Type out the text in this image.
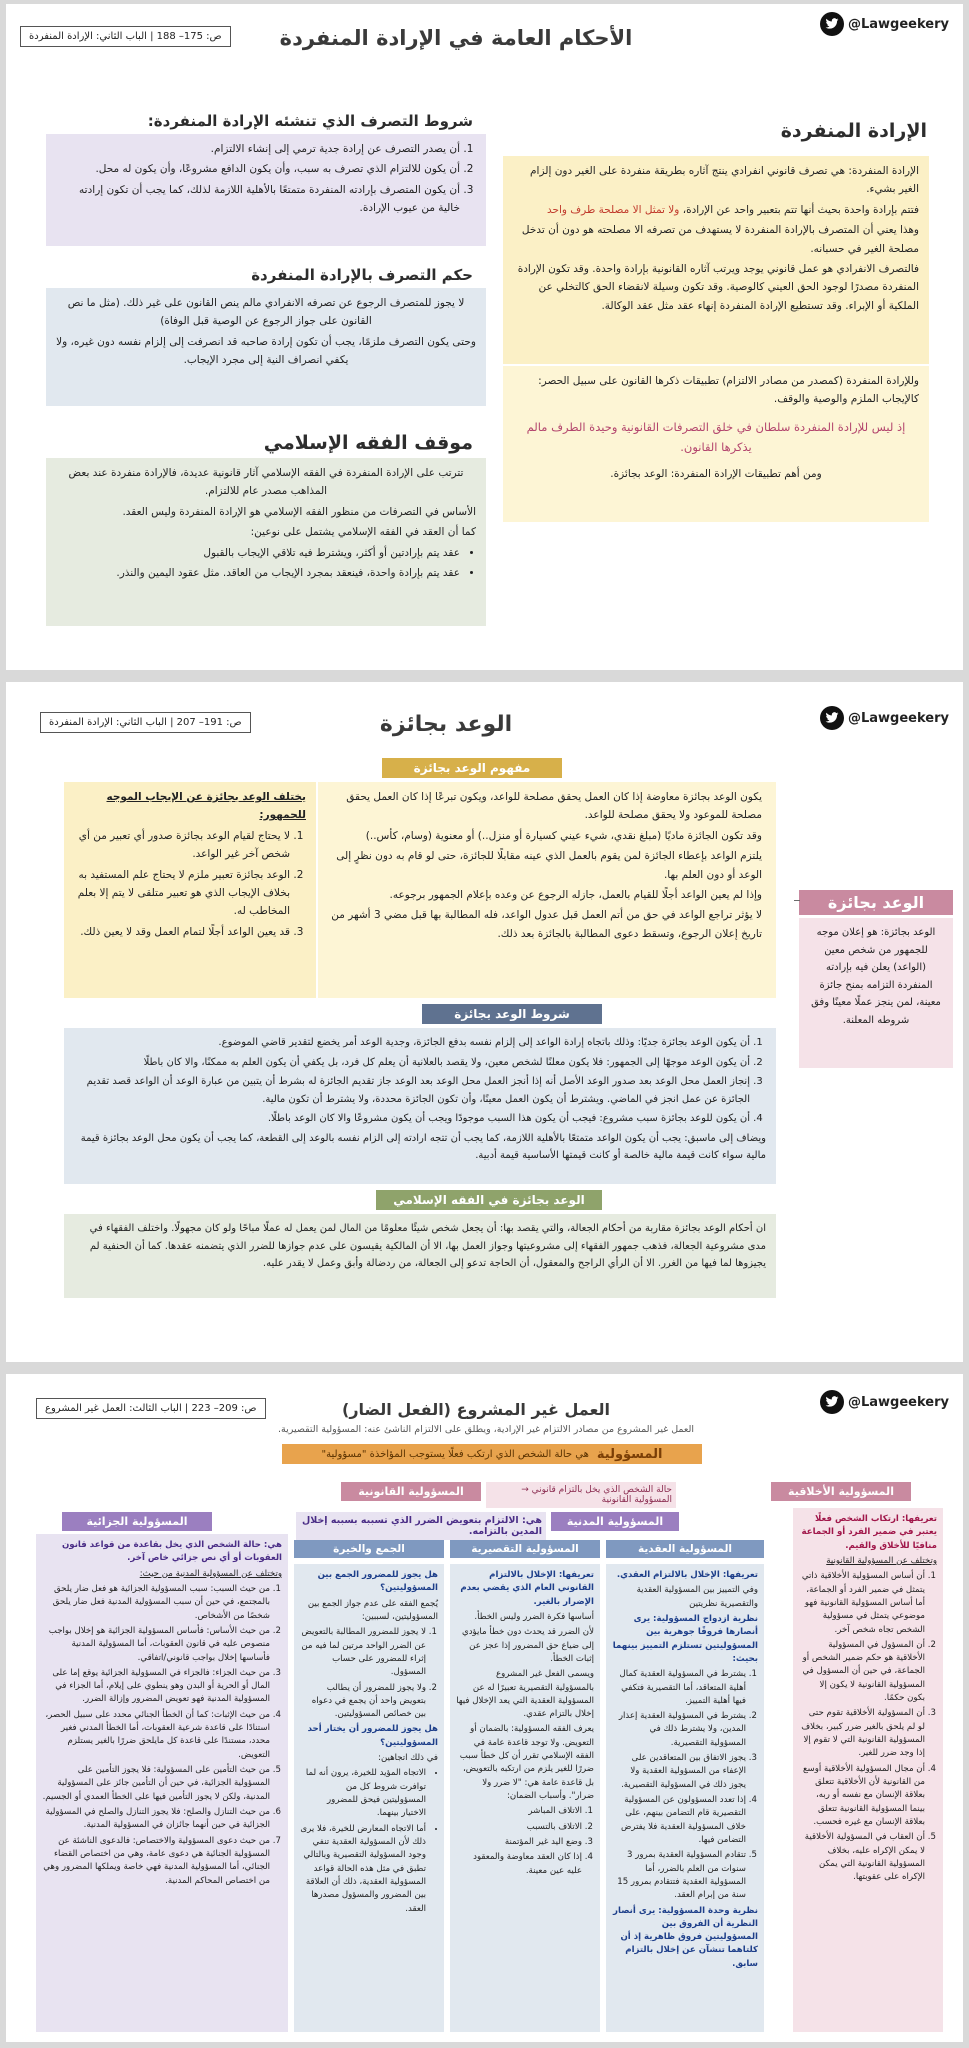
@Lawgeekery
ص: 175– 188 | الباب الثاني: الإرادة المنفردة	الأحكام العامة في الإرادة المنفردة
الإرادة المنفردة

الإرادة المنفردة: هي تصرف قانوني انفرادي ينتج آثاره بطريقة منفردة على الغير دون إلزام الغير بشيء.

فتتم بإرادة واحدة بحيث أنها تتم بتعبير واحد عن الإرادة، ولا تمثل الا مصلحة طرف واحد

وهذا يعني أن المتصرف بالإرادة المنفردة لا يستهدف من تصرفه الا مصلحته هو دون أن تدخل مصلحة الغير في حسبانه.

فالتصرف الانفرادي هو عمل قانوني يوجد ويرتب آثاره القانونية بإرادة واحدة. وقد تكون الإرادة المنفردة مصدرًا لوجود الحق العيني كالوصية. وقد تكون وسيلة لانقضاء الحق كالتخلي عن الملكية أو الإبراء. وقد تستطيع الإرادة المنفردة إنهاء عقد مثل عقد الوكالة.

وللإرادة المنفردة (كمصدر من مصادر الالتزام) تطبيقات ذكرها القانون على سبيل الحصر: كالإيجاب الملزم والوصية والوقف.

إذ ليس للإرادة المنفردة سلطان في خلق التصرفات القانونية وحيدة الطرف مالم يذكرها القانون.

ومن أهم تطبيقات الإرادة المنفردة: الوعد بجائزة.

شروط التصرف الذي تنشئه الإرادة المنفردة:
1. أن يصدر التصرف عن إرادة جدية ترمي إلى إنشاء الالتزام.
2. أن يكون للالتزام الذي تصرف به سبب، وأن يكون الدافع مشروعًا، وأن يكون له محل.
3. أن يكون المتصرف بإرادته المنفردة متمتعًا بالأهلية اللازمة لذلك، كما يجب أن تكون إرادته خالية من عيوب الإرادة.
حكم التصرف بالإرادة المنفردة

لا يجوز للمتصرف الرجوع عن تصرفه الانفرادي مالم ينص القانون على غير ذلك. (مثل ما نص القانون على جواز الرجوع عن الوصية قبل الوفاة)

وحتى يكون التصرف ملزمًا، يجب أن تكون إرادة صاحبه قد انصرفت إلى إلزام نفسه دون غيره، ولا يكفي انصراف النية إلى مجرد الإيجاب.

موقف الفقه الإسلامي

تترتب على الإرادة المنفردة في الفقه الإسلامي آثار قانونية عديدة، فالإرادة منفردة عند بعض المذاهب مصدر عام للالتزام.

الأساس في التصرفات من منظور الفقه الإسلامي هو الإرادة المنفردة وليس العقد.

كما أن العقد في الفقه الإسلامي يشتمل على نوعين:

• عقد يتم بإرادتين أو أكثر، ويشترط فيه تلاقي الإيجاب بالقبول
• عقد يتم بإرادة واحدة، فينعقد بمجرد الإيجاب من العاقد. مثل عقود اليمين والنذر.
@Lawgeekery
ص: 191– 207 | الباب الثاني: الإرادة المنفردة	الوعد بجائزة
مفهوم الوعد بجائزة
يكون الوعد بجائزة معاوضة إذا كان العمل يحقق مصلحة للواعد، ويكون تبرعًا إذا كان العمل يحقق مصلحة للموعود ولا يحقق مصلحة للواعد.
وقد تكون الجائزة ماديًا (مبلغ نقدي، شيء عيني كسيارة أو منزل..) أو معنوية (وسام، كأس..)
يلتزم الواعد بإعطاء الجائزة لمن يقوم بالعمل الذي عينه مقابلًا للجائزة، حتى لو قام به دون نظرٍ إلى الوعد أو دون العلم بها.
وإذا لم يعين الواعد أجلًا للقيام بالعمل، جازله الرجوع عن وعده بإعلام الجمهور برجوعه.
لا يؤثر تراجع الواعد في حق من أتم العمل قبل عدول الواعد، فله المطالبة بها قبل مضي 3 أشهر من تاريخ إعلان الرجوع، وتسقط دعوى المطالبة بالجائزة بعد ذلك.

يختلف الوعد بجائزة عن الإيجاب الموجه للجمهور:

1. لا يحتاج لقيام الوعد بجائزة صدور أي تعبير من أي شخص آخر غير الواعد.
2. الوعد بجائزة تعبير ملزم لا يحتاج علم المستفيد به بخلاف الإيجاب الذي هو تعبير متلقى لا يتم إلا بعلم المخاطب له.
3. قد يعين الواعد أجلًا لتمام العمل وقد لا يعين ذلك.
الوعد بجائزة

الوعد بجائزة: هو إعلان موجه للجمهور من شخص معين (الواعد) يعلن فيه بإرادته المنفردة التزامه بمنح جائزة معينة، لمن ينجز عملًا معينًا وفق شروطه المعلنة.

شروط الوعد بجائزة
1. أن يكون الوعد بجائزة جديًا: وذلك باتجاه إرادة الواعد إلى إلزام نفسه بدفع الجائزة، وجدية الوعد أمر يخضع لتقدير قاضي الموضوع.
2. أن يكون الوعد موجهًا إلى الجمهور: فلا يكون معلنًا لشخص معين، ولا يقصد بالعلانية أن يعلم كل فرد، بل يكفي أن يكون العلم به ممكنًا، والا كان باطلًا
3. إنجاز العمل محل الوعد بعد صدور الوعد الأصل أنه إذا أنجز العمل محل الوعد بعد الوعد جاز تقديم الجائزة له بشرط أن يتبين من عبارة الوعد أن الواعد قصد تقديم الجائزة عن عمل انجز في الماضي. ويشترط أن يكون العمل معينًا، وأن تكون الجائزة محددة، ولا يشترط أن تكون مالية.
4. أن يكون للوعد بجائزة سبب مشروع: فيجب أن يكون هذا السبب موجودًا ويجب أن يكون مشروعًا والا كان الوعد باطلًا.

ويضاف إلى ماسبق: يجب أن يكون الواعد متمتعًا بالأهلية اللازمة، كما يجب أن تتجه ارادته إلى الزام نفسه بالوعد إلى القطعة، كما يجب أن يكون محل الوعد بجائزة قيمة مالية سواء كانت قيمة مالية خالصة أو كانت قيمتها الأساسية قيمة أدبية.

الوعد بجائزة في الفقه الإسلامي

ان أحكام الوعد بجائزة مقاربة من أحكام الجعالة، والتي يقصد بها: أن يجعل شخص شيئًا معلومًا من المال لمن يعمل له عملًا مباحًا ولو كان مجهولًا. واختلف الفقهاء في مدى مشروعية الجعالة، فذهب جمهور الفقهاء إلى مشروعيتها وجواز العمل بها، الا أن المالكية يقيسون على عدم جوازها للضرر الذي يتضمنه عقدها. كما أن الحنفية لم يجيزوها لما فيها من الغرر. الا أن الرأي الراجح والمعقول، أن الحاجة تدعو إلى الجعالة، من ردضالة وأبق وعمل لا يقدر عليه.

@Lawgeekery
ص: 209– 223 | الباب الثالث: العمل غير المشروع	العمل غير المشروع (الفعل الضار)
العمل غير المشروع من مصادر الالتزام غير الإرادية، ويطلق على الالتزام الناشئ عنه: المسؤولية التقصيرية.
المسؤولية
هي حالة الشخص الذي ارتكب فعلًا يستوجب المؤاخذة "مسؤولية"
المسؤولية الأخلاقية
المسؤولية القانونية	حالة الشخص الذي يخل بالتزام قانوني → المسؤولية القانونية
هي: الالتزام بتعويض الضرر الذي تسببه بسببه إخلال المدين بالتزامه.
المسؤولية المدنية
المسؤولية الجزائية
المسؤولية العقدية
المسؤولية التقصيرية
الجمع والخيرة

تعريفها: ارتكاب الشخص فعلًا يعتبر في ضمير الفرد أو الجماعة منافيًا للأخلاق والقيم.

وتختلف عن المسؤولية القانونية

1. أن أساس المسؤولية الأخلاقية ذاتي يتمثل في ضمير الفرد أو الجماعة، أما أساس المسؤولية القانونية فهو موضوعي يتمثل في مسؤولية الشخص تجاه شخص آخر.
2. أن المسؤول في المسؤولية الأخلاقية هو حكم ضمير الشخص أو الجماعة، في حين أن المسؤول في المسؤولية القانونية لا يكون إلا بكون حكمًا.
3. أن المسؤولية الأخلاقية تقوم حتى لو لم يلحق بالغير ضرر كبير، بخلاف المسؤولية القانونية التي لا تقوم إلا إذا وجد ضرر للغير.
4. أن مجال المسؤولية الأخلاقية أوسع من القانونية لأن الأخلاقية تتعلق بعلاقة الإنسان مع نفسه أو ربه، بينما المسؤولية القانونية تتعلق بعلاقة الإنسان مع غيره فحسب.
5. أن العقاب في المسؤولية الأخلاقية لا يمكن الإكراه عليه، بخلاف المسؤولية القانونية التي يمكن الإكراه على عقوبتها.

تعريفها: الإخلال بالالتزام العقدي.

وفي التمييز بين المسؤولية العقدية والتقصيرية نظريتين

نظرية ازدواج المسؤولية: يرى أنصارها فروقًا جوهرية بين المسؤوليتين تستلزم التمييز بينهما بحيث:

1. يشترط في المسؤولية العقدية كمال أهلية المتعاقد، أما التقصيرية فتكفي فيها أهلية التمييز.
2. يشترط في المسؤولية العقدية إعذار المدين، ولا يشترط ذلك في المسؤولية التقصيرية.
3. يجوز الاتفاق بين المتعاقدين على الإعفاء من المسؤولية العقدية ولا يجوز ذلك في المسؤولية التقصيرية.
4. إذا تعدد المسؤولون عن المسؤولية التقصيرية قام التضامن بينهم، على خلاف المسؤولية العقدية فلا يفترض التضامن فيها.
5. تتقادم المسؤولية العقدية بمرور 3 سنوات من العلم بالضرر، أما المسؤولية العقدية فتتقادم بمرور 15 سنة من إبرام العقد.

نظرية وحدة المسؤولية: يرى أنصار النظرية أن الفروق بين المسؤوليتين فروق ظاهرية إذ أن كلتاهما تنشآن عن إخلال بالتزام سابق.

تعريفها: الإخلال بالالتزام القانوني العام الذي يقضي بعدم الإضرار بالغير.

أساسها فكرة الضرر وليس الخطأ.

لأن الضرر قد يحدث دون خطأ مايؤدي إلى ضياع حق المضرور إذا عجز عن إثبات الخطأ.

ويسمى الفعل غير المشروع بالمسؤولية التقصيرية تعبيرًا له عن المسؤولية العقدية التي يعد الإخلال فيها إخلال بالتزام عقدي.

يعرف الفقه المسؤولية: بالضمان أو التعويض. ولا توجد قاعدة عامة في الفقه الإسلامي تقرر أن كل خطأ سبب ضررًا للغير يلزم من ارتكبه بالتعويض، بل قاعدة عامة هي: "لا ضرر ولا ضرار". وأسباب الضمان:

1. الاتلاف المباشر
2. الاتلاف بالتسبب
3. وضع اليد غير المؤتمنة
4. إذا كان العقد معاوضة والمعقود عليه عين معينة.

هل يجوز للمضرور الجمع بين المسؤوليتين؟

يُجمع الفقه على عدم جواز الجمع بين المسؤوليتين، لسببين:

1. لا يجوز للمضرور المطالبة بالتعويض عن الضرر الواحد مرتين لما فيه من إثراء للمضرور على حساب المسؤول.
2. ولا يجوز للمضرور أن يطالب بتعويض واحد أن يجمع في دعواه بين خصائص المسؤوليتين.

هل يجوز للمضرور أن يختار أحد المسؤوليتين؟

في ذلك اتجاهين:

• الاتجاه المؤيد للخيرة، يرون أنه لما توافرت شروط كل من المسؤوليتين فيحق للمضرور الاختيار بينهما.
• أما الاتجاه المعارض للخيرة، فلا يرى ذلك لأن المسؤولية العقدية تنفي وجود المسؤولية التقصيرية وبالتالي تطبق في مثل هذه الحالة قواعد المسؤولية العقدية، ذلك أن العلاقة بين المضرور والمسؤول مصدرها العقد.

هي: حالة الشخص الذي يخل بقاعدة من قواعد قانون العقوبات أو أي نص جزائي خاص آخر.

وتختلف عن المسؤولية المدنية من حيث:

1. من حيث السبب: سبب المسؤولية الجزائية هو فعل ضار يلحق بالمجتمع، في حين أن سبب المسؤولية المدنية فعل ضار يلحق شخصًا من الأشخاص.
2. من حيث الأساس: فأساس المسؤولية الجزائية هو إخلال بواجب منصوص عليه في قانون العقوبات، أما المسؤولية المدنية فأساسها إخلال بواجب قانوني/اتفاقي.
3. من حيث الجزاء: فالجزاء في المسؤولية الجزائية يوقع إما على المال أو الحرية أو البدن وهو ينطوي على إيلام، أما الجزاء في المسؤولية المدنية فهو تعويض المضرور وإزالة الضرر.
4. من حيث الإثبات: كما أن الخطأ الجنائي محدد على سبيل الحصر، استنادًا على قاعدة شرعية العقوبات، أما الخطأ المدني فغير محدد، مستندًا على قاعدة كل مايلحق ضررًا بالغير يستلزم التعويض.
5. من حيث التأمين على المسؤولية: فلا يجوز التأمين على المسؤولية الجزائية، في حين أن التأمين جائز على المسؤولية المدنية، ولكن لا يجوز التأمين فيها على الخطأ العمدي أو الجسيم.
6. من حيث التنازل والصلح: فلا يجوز التنازل والصلح في المسؤولية الجزائية في حين أنهما جائزان في المسؤولية المدنية.
7. من حيث دعوى المسؤولية والاختصاص: فالدعوى الناشئة عن المسؤولية الجنائية هي دعوى عامة، وهي من اختصاص القضاء الجنائي، أما المسؤولية المدنية فهي خاصة ويملكها المضرور وهي من اختصاص المحاكم المدنية.
